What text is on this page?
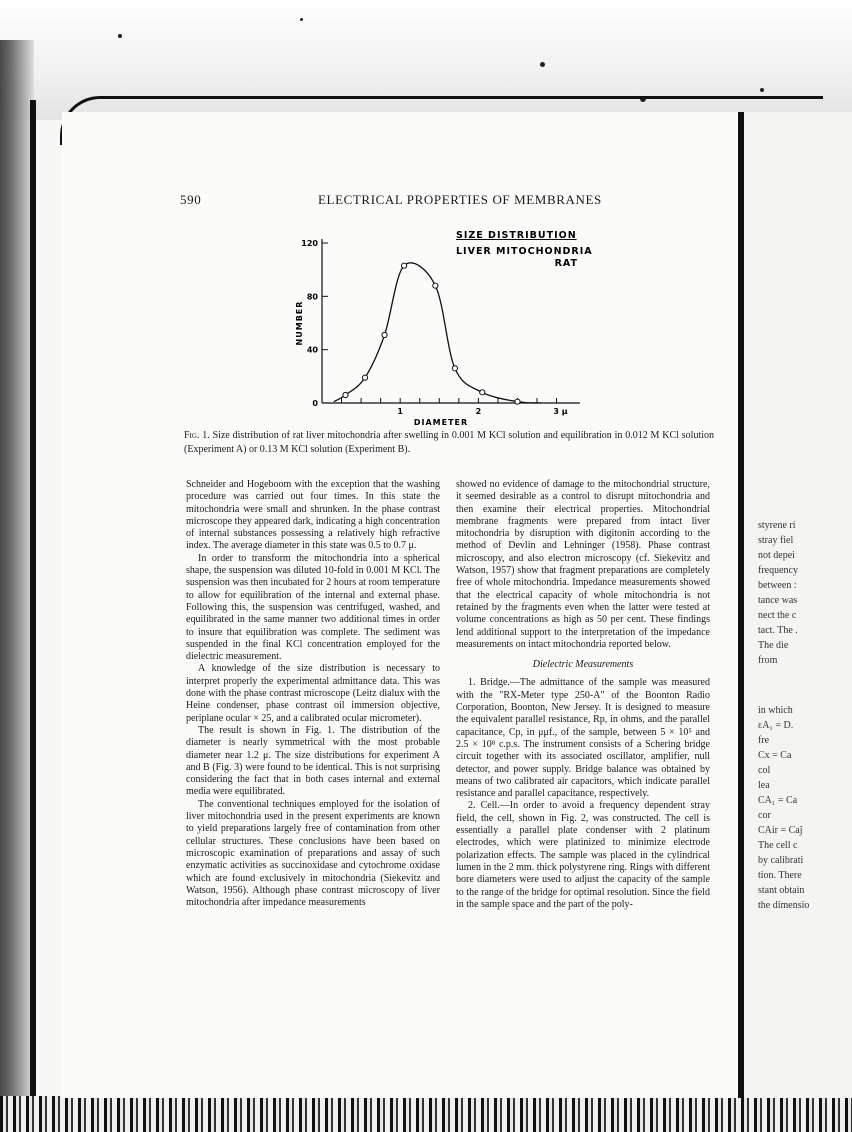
styrene ri
stray fiel
not depei
frequency
between :
tance was
nect the c
tact. The .
The die
from
in which
εA₁ = D.
fre
Cx = Ca
col
lea
CA₁ = Ca
cor
CAir = Caĵ
The cell c
by calibrati
tion. There
stant obtain
the dimensio
590	ELECTRICAL PROPERTIES OF MEMBRANES
0
40
80
120
1	2	3 μ
DIAMETER
NUMBER
SIZE DISTRIBUTION
LIVER MITOCHONDRIA
RAT
Fig. 1. Size distribution of rat liver mitochondria after swelling in 0.001 M KCl solution and equilibration in 0.012 M KCl solution (Experiment A) or 0.13 M KCl solution (Experiment B).

Schneider and Hogeboom with the exception that the washing procedure was carried out four times. In this state the mitochondria were small and shrunken. In the phase contrast microscope they appeared dark, indicating a high concentration of internal substances possessing a relatively high refractive index. The average diameter in this state was 0.5 to 0.7 μ.

In order to transform the mitochondria into a spherical shape, the suspension was diluted 10-fold in 0.001 M KCl. The suspension was then incubated for 2 hours at room temperature to allow for equilibration of the internal and external phase. Following this, the suspension was centrifuged, washed, and equilibrated in the same manner two additional times in order to insure that equilibration was complete. The sediment was suspended in the final KCl concentration employed for the dielectric measurement.

A knowledge of the size distribution is necessary to interpret properly the experimental admittance data. This was done with the phase contrast microscope (Leitz dialux with the Heine condenser, phase contrast oil immersion objective, periplane ocular × 25, and a calibrated ocular micrometer).

The result is shown in Fig. 1. The distribution of the diameter is nearly symmetrical with the most probable diameter near 1.2 μ. The size distributions for experiment A and B (Fig. 3) were found to be identical. This is not surprising considering the fact that in both cases internal and external media were equilibrated.

The conventional techniques employed for the isolation of liver mitochondria used in the present experiments are known to yield preparations largely free of contamination from other cellular structures. These conclusions have been based on microscopic examination of preparations and assay of such enzymatic activities as succinoxidase and cytochrome oxidase which are found exclusively in mitochondria (Siekevitz and Watson, 1956). Although phase contrast microscopy of liver mitochondria after impedance measurements

showed no evidence of damage to the mitochondrial structure, it seemed desirable as a control to disrupt mitochondria and then examine their electrical properties. Mitochondrial membrane fragments were prepared from intact liver mitochondria by disruption with digitonin according to the method of Devlin and Lehninger (1958). Phase contrast microscopy, and also electron microscopy (cf. Siekevitz and Watson, 1957) show that fragment preparations are completely free of whole mitochondria. Impedance measurements showed that the electrical capacity of whole mitochondria is not retained by the fragments even when the latter were tested at volume concentrations as high as 50 per cent. These findings lend additional support to the interpretation of the impedance measurements on intact mitochondria reported below.

Dielectric Measurements

1. Bridge.—The admittance of the sample was measured with the "RX-Meter type 250-A" of the Boonton Radio Corporation, Boonton, New Jersey. It is designed to measure the equivalent parallel resistance, Rp, in ohms, and the parallel capacitance, Cp, in μμf., of the sample, between 5 × 10⁵ and 2.5 × 10⁸ c.p.s. The instrument consists of a Schering bridge circuit together with its associated oscillator, amplifier, null detector, and power supply. Bridge balance was obtained by means of two calibrated air capacitors, which indicate parallel resistance and parallel capacitance, respectively.

2. Cell.—In order to avoid a frequency dependent stray field, the cell, shown in Fig. 2, was constructed. The cell is essentially a parallel plate condenser with 2 platinum electrodes, which were platinized to minimize electrode polarization effects. The sample was placed in the cylindrical lumen in the 2 mm. thick polystyrene ring. Rings with different bore diameters were used to adjust the capacity of the sample to the range of the bridge for optimal resolution. Since the field in the sample space and the part of the poly-
